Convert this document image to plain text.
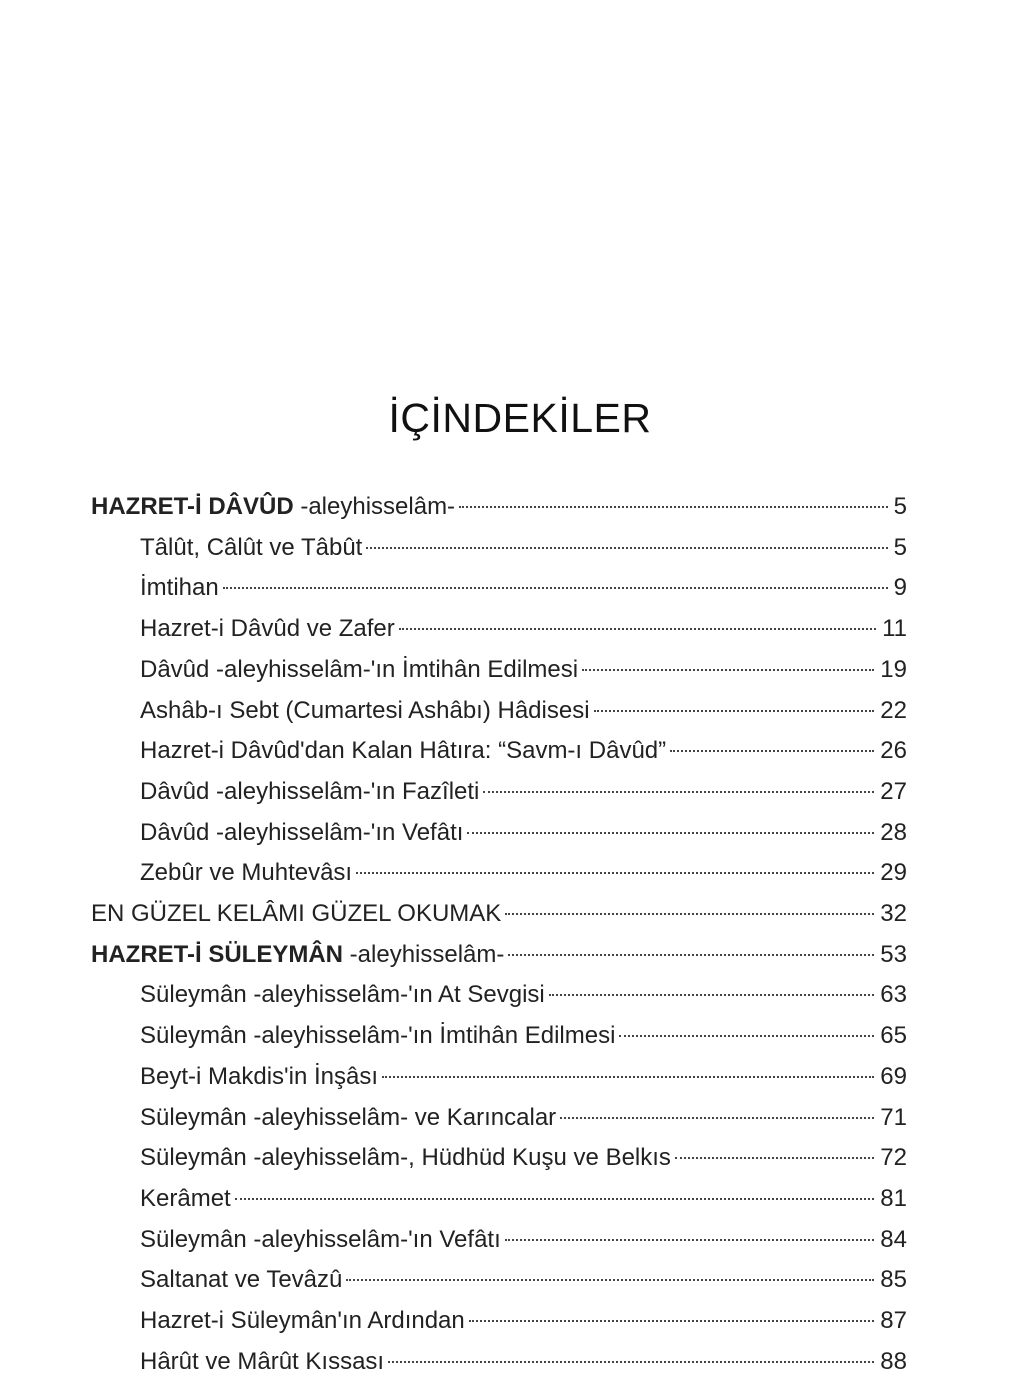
İÇİNDEKİLER
HAZRET-İ DÂVÛD -aleyhisselâm-	5
Tâlût, Câlût ve Tâbût	5
İmtihan	9
Hazret-i Dâvûd ve Zafer	11
Dâvûd -aleyhisselâm-'ın İmtihân Edilmesi	19
Ashâb-ı Sebt (Cumartesi Ashâbı) Hâdisesi	22
Hazret-i Dâvûd'dan Kalan Hâtıra: “Savm-ı Dâvûd”	26
Dâvûd -aleyhisselâm-'ın Fazîleti	27
Dâvûd -aleyhisselâm-'ın Vefâtı	28
Zebûr ve Muhtevâsı	29
EN GÜZEL KELÂMI GÜZEL OKUMAK	32
HAZRET-İ SÜLEYMÂN -aleyhisselâm-	53
Süleymân -aleyhisselâm-'ın At Sevgisi	63
Süleymân -aleyhisselâm-'ın İmtihân Edilmesi	65
Beyt-i Makdis'in İnşâsı	69
Süleymân -aleyhisselâm- ve Karıncalar	71
Süleymân -aleyhisselâm-, Hüdhüd Kuşu ve Belkıs	72
Kerâmet	81
Süleymân -aleyhisselâm-'ın Vefâtı	84
Saltanat ve Tevâzû	85
Hazret-i Süleymân'ın Ardından	87
Hârût ve Mârût Kıssası	88
